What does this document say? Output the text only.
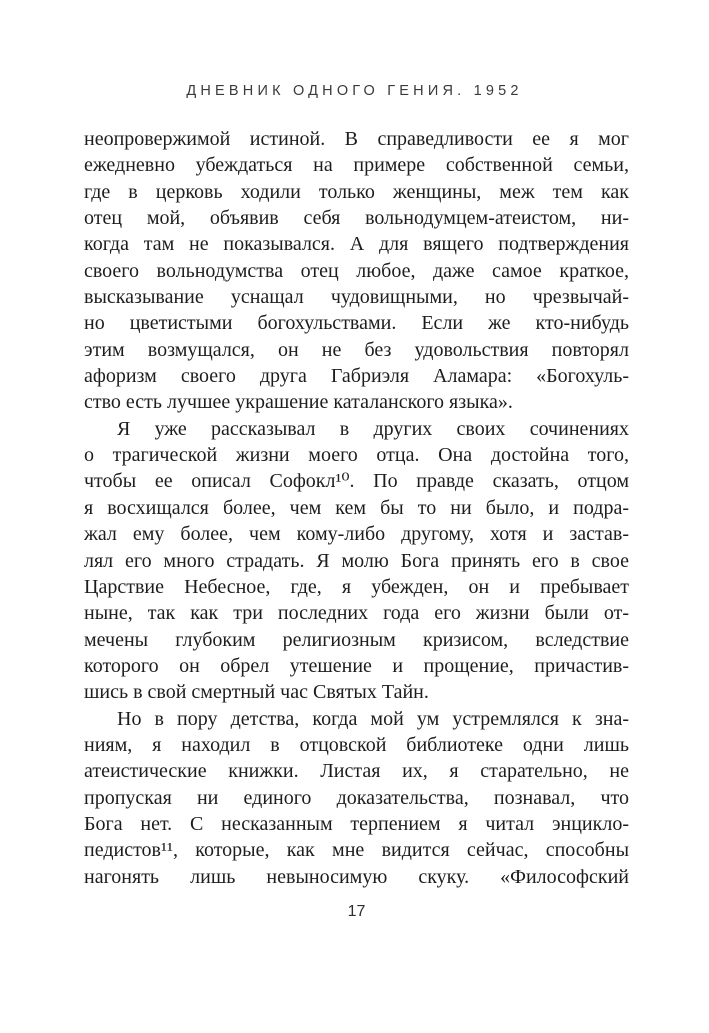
ДНЕВНИК ОДНОГО ГЕНИЯ. 1952
неопровержимой истиной. В справедливости ее я мог
ежедневно убеждаться на примере собственной семьи,
где в церковь ходили только женщины, меж тем как
отец мой, объявив себя вольнодумцем-атеистом, ни-
когда там не показывался. А для вящего подтверждения
своего вольнодумства отец любое, даже самое краткое,
высказывание уснащал чудовищными, но чрезвычай-
но цветистыми богохульствами. Если же кто-нибудь
этим возмущался, он не без удовольствия повторял
афоризм своего друга Габриэля Аламара: «Богохуль-
ство есть лучшее украшение каталанского языка».
Я уже рассказывал в других своих сочинениях
о трагической жизни моего отца. Она достойна того,
чтобы ее описал Софокл¹⁰. По правде сказать, отцом
я восхищался более, чем кем бы то ни было, и подра-
жал ему более, чем кому-либо другому, хотя и застав-
лял его много страдать. Я молю Бога принять его в свое
Царствие Небесное, где, я убежден, он и пребывает
ныне, так как три последних года его жизни были от-
мечены глубоким религиозным кризисом, вследствие
которого он обрел утешение и прощение, причастив-
шись в свой смертный час Святых Тайн.
Но в пору детства, когда мой ум устремлялся к зна-
ниям, я находил в отцовской библиотеке одни лишь
атеистические книжки. Листая их, я старательно, не
пропуская ни единого доказательства, познавал, что
Бога нет. С несказанным терпением я читал энцикло-
педистов¹¹, которые, как мне видится сейчас, способны
нагонять лишь невыносимую скуку. «Философский
17
